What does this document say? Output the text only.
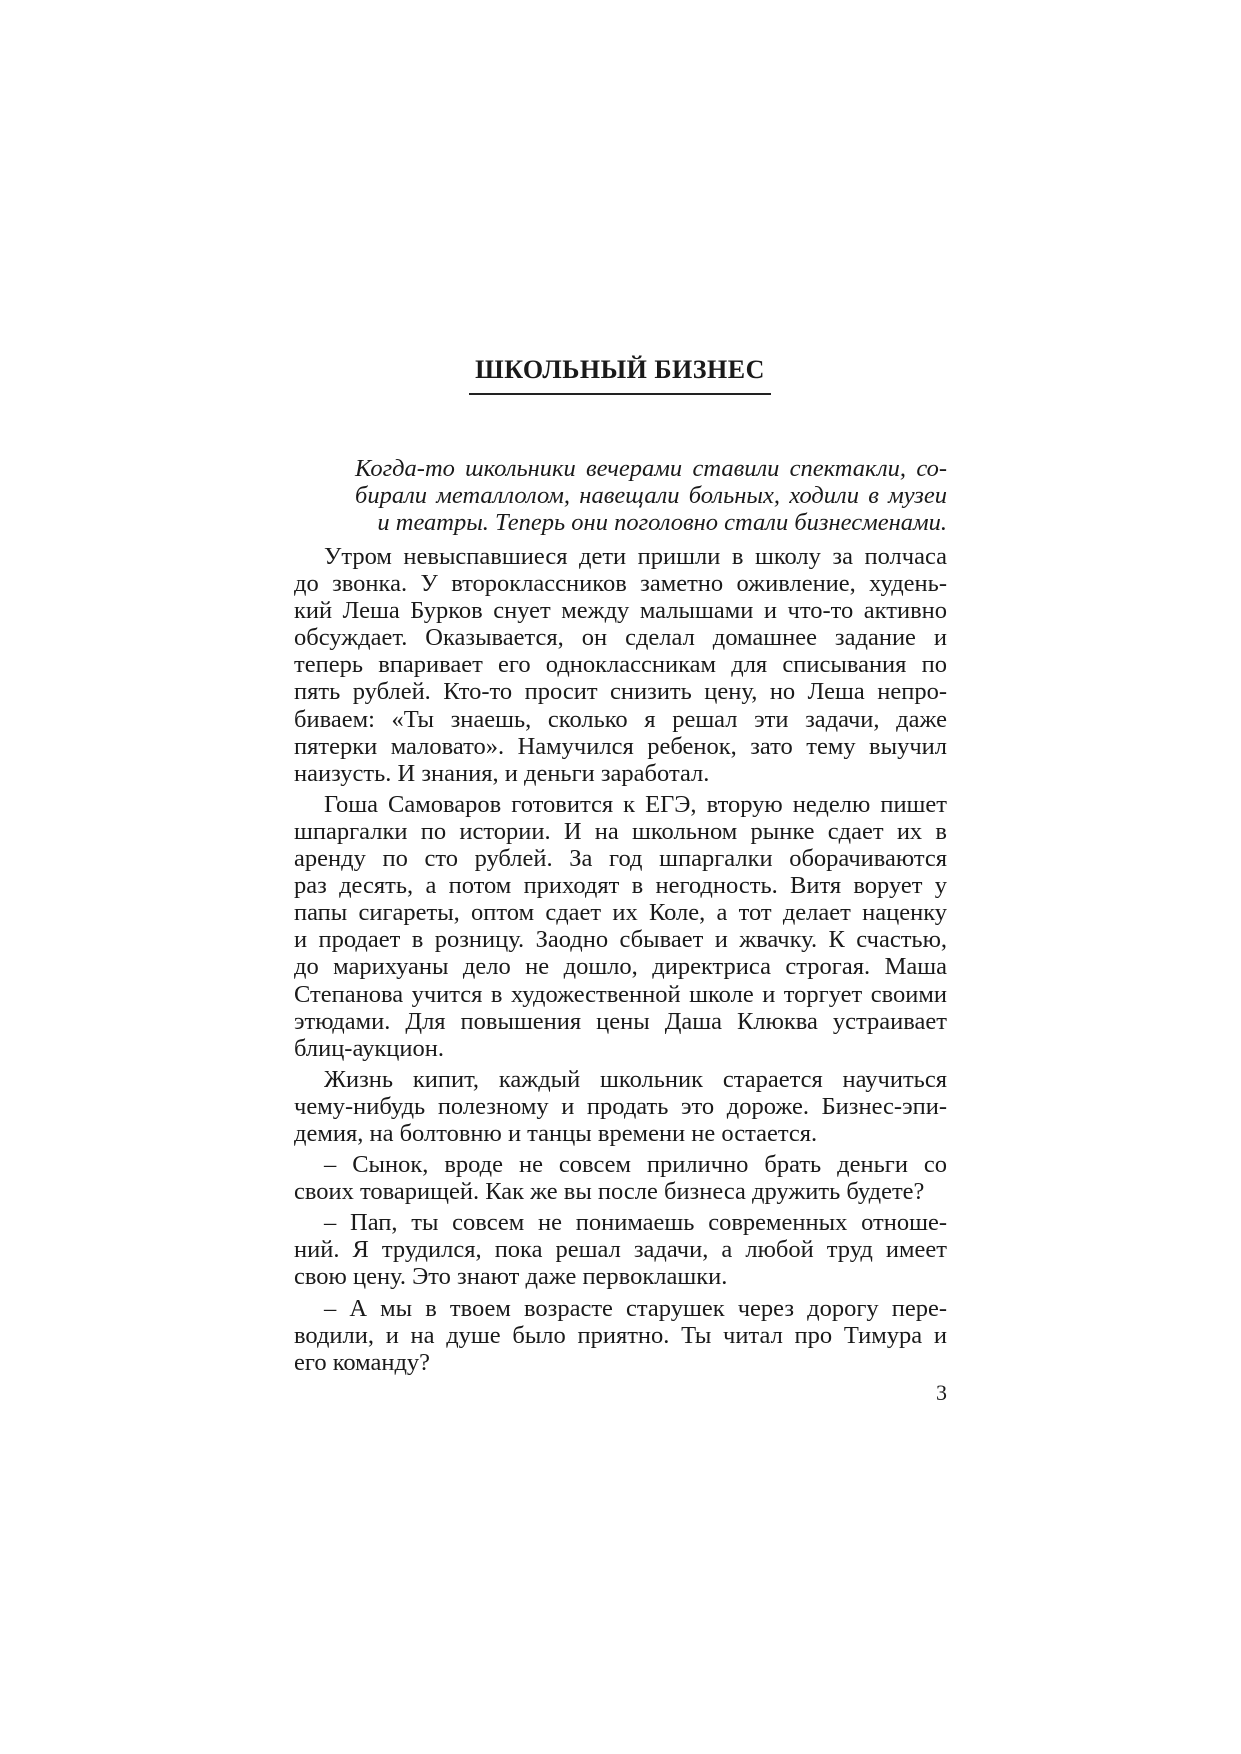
ШКОЛЬНЫЙ БИЗНЕС
Когда-то школьники вечерами ставили спектакли, со-
бирали металлолом, навещали больных, ходили в музеи
и театры. Теперь они поголовно стали бизнесменами.
Утром невыспавшиеся дети пришли в школу за полчаса
до звонка. У второклассников заметно оживление, худень-
кий Леша Бурков снует между малышами и что-то активно
обсуждает. Оказывается, он сделал домашнее задание и
теперь впаривает его одноклассникам для списывания по
пять рублей. Кто-то просит снизить цену, но Леша непро-
биваем: «Ты знаешь, сколько я решал эти задачи, даже
пятерки маловато». Намучился ребенок, зато тему выучил
наизусть. И знания, и деньги заработал.
Гоша Самоваров готовится к ЕГЭ, вторую неделю пишет
шпаргалки по истории. И на школьном рынке сдает их в
аренду по сто рублей. За год шпаргалки оборачиваются
раз десять, а потом приходят в негодность. Витя ворует у
папы сигареты, оптом сдает их Коле, а тот делает наценку
и продает в розницу. Заодно сбывает и жвачку. К счастью,
до марихуаны дело не дошло, директриса строгая. Маша
Степанова учится в художественной школе и торгует своими
этюдами. Для повышения цены Даша Клюква устраивает
блиц-аукцион.
Жизнь кипит, каждый школьник старается научиться
чему-нибудь полезному и продать это дороже. Бизнес-эпи-
демия, на болтовню и танцы времени не остается.
– Сынок, вроде не совсем прилично брать деньги со
своих товарищей. Как же вы после бизнеса дружить будете?
– Пап, ты совсем не понимаешь современных отноше-
ний. Я трудился, пока решал задачи, а любой труд имеет
свою цену. Это знают даже первоклашки.
– А мы в твоем возрасте старушек через дорогу пере-
водили, и на душе было приятно. Ты читал про Тимура и
его команду?
3
